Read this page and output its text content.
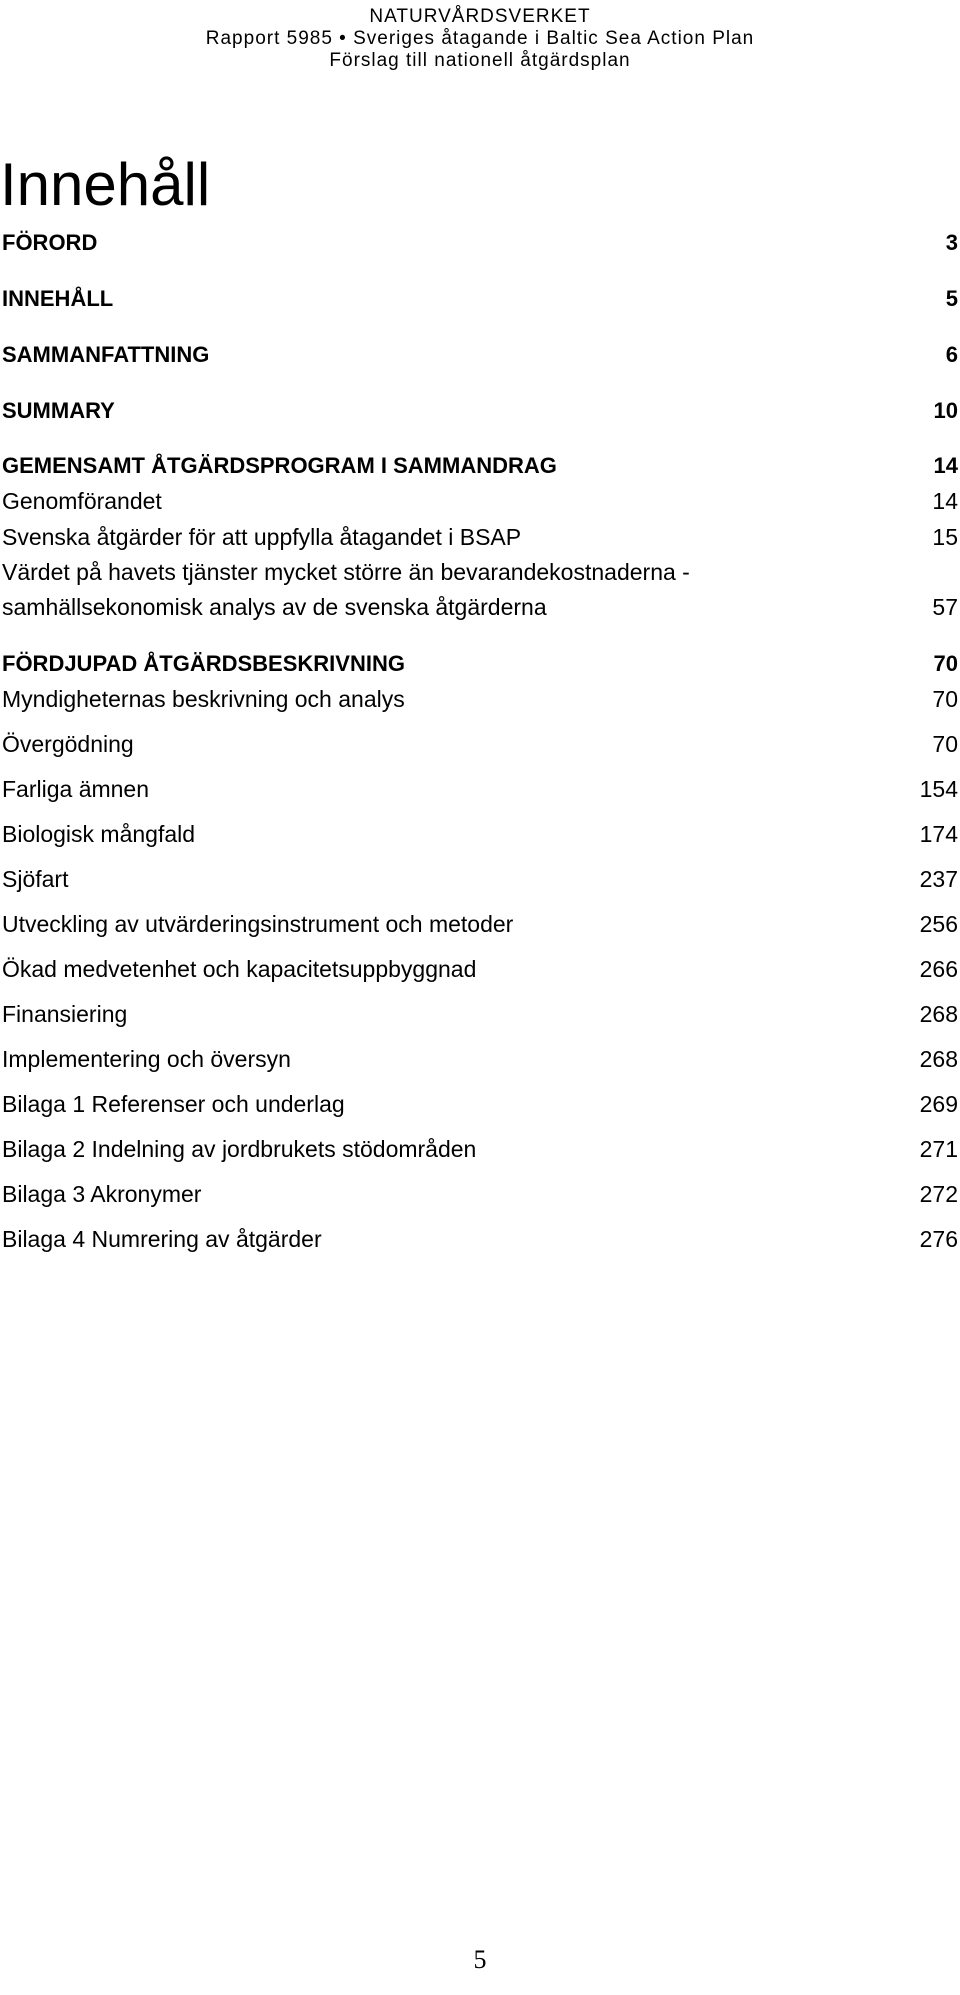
NATURVÅRDSVERKET
Rapport 5985 • Sveriges åtagande i Baltic Sea Action Plan
Förslag till nationell åtgärdsplan
Innehåll
FÖRORD	3
INNEHÅLL	5
SAMMANFATTNING	6
SUMMARY	10
GEMENSAMT ÅTGÄRDSPROGRAM I SAMMANDRAG	14
Genomförandet	14
Svenska åtgärder för att uppfylla åtagandet i BSAP	15
Värdet på havets tjänster mycket större än bevarandekostnaderna -
samhällsekonomisk analys av de svenska åtgärderna	57
FÖRDJUPAD ÅTGÄRDSBESKRIVNING	70
Myndigheternas beskrivning och analys	70
Övergödning	70
Farliga ämnen	154
Biologisk mångfald	174
Sjöfart	237
Utveckling av utvärderingsinstrument och metoder	256
Ökad medvetenhet och kapacitetsuppbyggnad	266
Finansiering	268
Implementering och översyn	268
Bilaga 1 Referenser och underlag	269
Bilaga 2 Indelning av jordbrukets stödområden	271
Bilaga 3 Akronymer	272
Bilaga 4 Numrering av åtgärder	276
5
